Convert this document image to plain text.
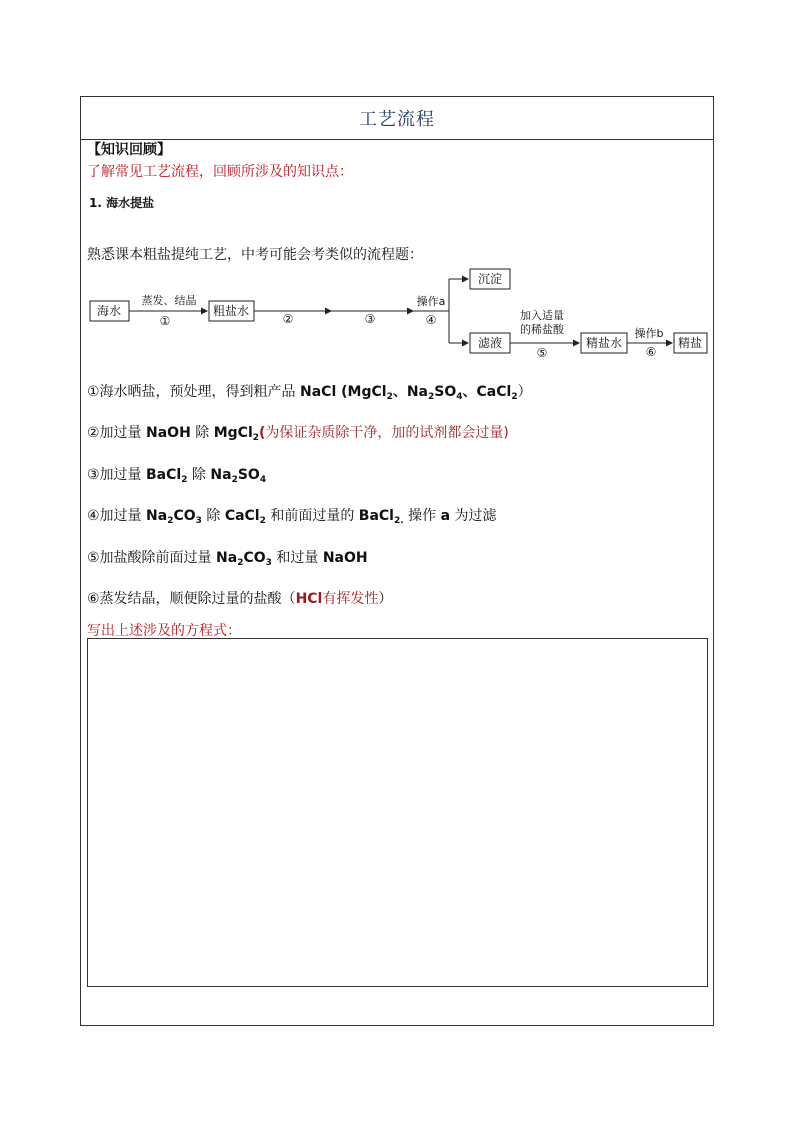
工艺流程
【知识回顾】
了解常见工艺流程，回顾所涉及的知识点：
1. 海水提盐
熟悉课本粗盐提纯工艺，中考可能会考类似的流程题：
海水	粗盐水
沉淀
滤液	精盐水	精盐
蒸发、结晶
①	②	③
操作a
④	加入适量
的稀盐酸
⑤
操作b
⑥
①海水晒盐，预处理，得到粗产品 NaCl (MgCl$_2$、$Na_2SO_4$、CaCl$_2$）
②加过量 NaOH 除 MgCl$_2$(为保证杂质除干净，加的试剂都会过量)
③加过量 BaCl$_2$ 除 $Na_2SO_4$
④加过量 $Na_2CO_3$ 除 CaCl$_2$ 和前面过量的 BaCl$_{2.}$ 操作 a 为过滤
⑤加盐酸除前面过量 $Na_2CO_3$ 和过量 NaOH
⑥蒸发结晶，顺便除过量的盐酸（HCl有挥发性）
写出上述涉及的方程式：
